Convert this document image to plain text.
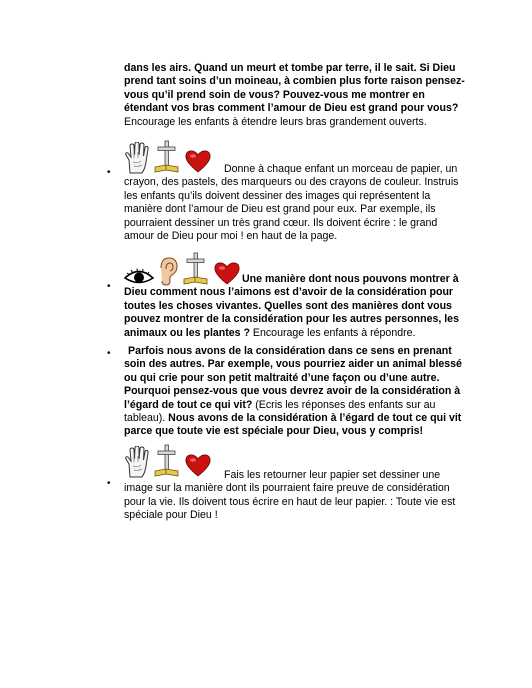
dans les airs. Quand un meurt et tombe par terre, il le sait. Si Dieu prend tant soins d’un moineau, à combien plus forte raison pensez-vous qu’il prend soin de vous? Pouvez-vous me montrer en étendant vos bras comment l’amour de Dieu est grand pour vous? Encourage les enfants à étendre leurs bras grandement ouverts.

•	Donne à chaque enfant un morceau de papier, un crayon, des pastels, des marqueurs ou des crayons de couleur. Instruis les enfants qu’ils doivent dessiner des images qui représentent la manière dont l’amour de Dieu est grand pour eux. Par exemple, ils pourraient dessiner un très grand cœur. Ils doivent écrire : le grand amour de Dieu pour moi ! en haut de la page.

•

Une manière dont nous pouvons montrer à Dieu comment nous l’aimons est d’avoir de la considération pour toutes les choses vivantes. Quelles sont des manières dont vous pouvez montrer de la considération pour les autres personnes, les animaux ou les plantes ? Encourage les enfants à répondre.

•	Parfois nous avons de la considération dans ce sens en prenant soin des autres. Par exemple, vous pourriez aider un animal blessé ou qui crie pour son petit maltraité d’une façon ou d’une autre. Pourquoi pensez-vous que vous devrez avoir de la considération à l’égard de tout ce qui vit? (Ecris les réponses des enfants sur au tableau). Nous avons de la considération à l’égard de tout ce qui vit parce que toute vie est spéciale pour Dieu, vous y compris!

•

Fais les retourner leur papier set dessiner une image sur la manière dont ils pourraient faire preuve de considération pour la vie. Ils doivent tous écrire en haut de leur papier. : Toute vie est spéciale pour Dieu !
